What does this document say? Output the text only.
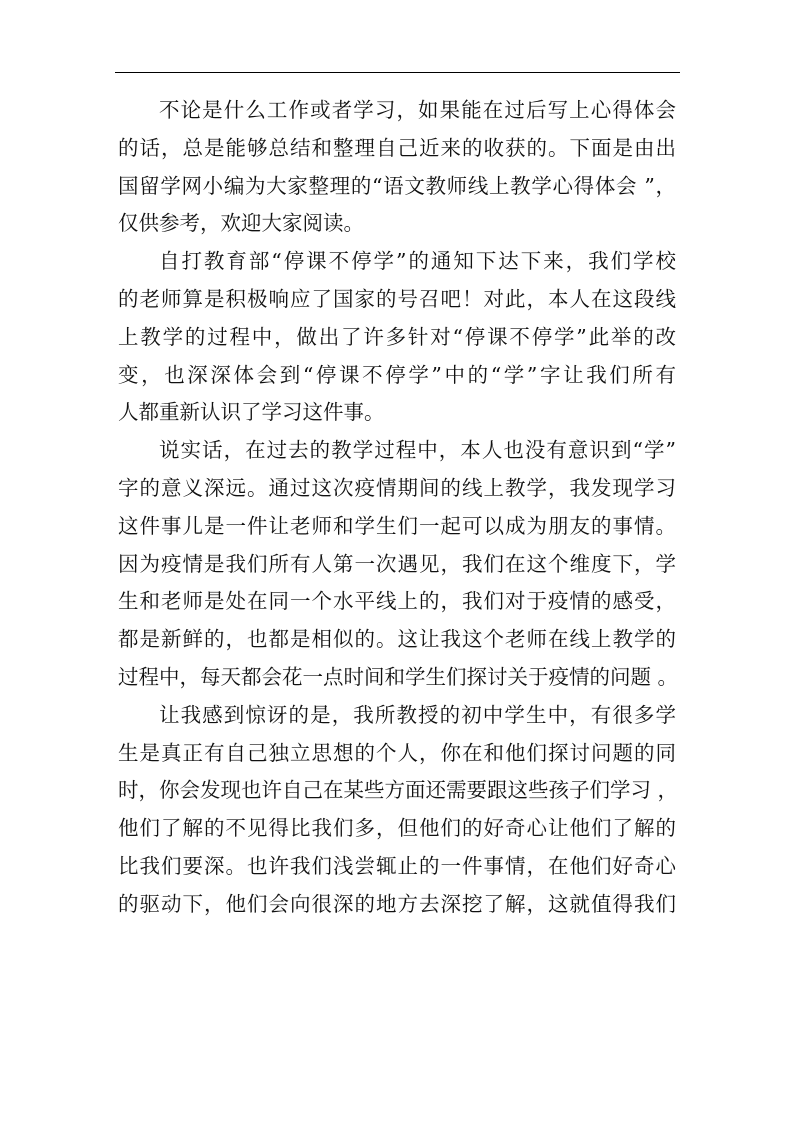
不论是什么工作或者学习，如果能在过后写上心得体会
的话，总是能够总结和整理自己近来的收获的。下面是由出
国留学网小编为大家整理的“语文教师线上教学心得体会 ”，
仅供参考，欢迎大家阅读。
自打教育部“停课不停学”的通知下达下来，我们学校
的老师算是积极响应了国家的号召吧！对此，本人在这段线
上教学的过程中，做出了许多针对“停课不停学”此举的改
变，也深深体会到“停课不停学”中的“学”字让我们所有
人都重新认识了学习这件事。
说实话，在过去的教学过程中，本人也没有意识到“学”
字的意义深远。通过这次疫情期间的线上教学，我发现学习
这件事儿是一件让老师和学生们一起可以成为朋友的事情。
因为疫情是我们所有人第一次遇见，我们在这个维度下，学
生和老师是处在同一个水平线上的，我们对于疫情的感受，
都是新鲜的，也都是相似的。这让我这个老师在线上教学的
过程中，每天都会花一点时间和学生们探讨关于疫情的问题 。
让我感到惊讶的是，我所教授的初中学生中，有很多学
生是真正有自己独立思想的个人，你在和他们探讨问题的同
时，你会发现也许自己在某些方面还需要跟这些孩子们学习 ，
他们了解的不见得比我们多，但他们的好奇心让他们了解的
比我们要深。也许我们浅尝辄止的一件事情，在他们好奇心
的驱动下，他们会向很深的地方去深挖了解，这就值得我们
